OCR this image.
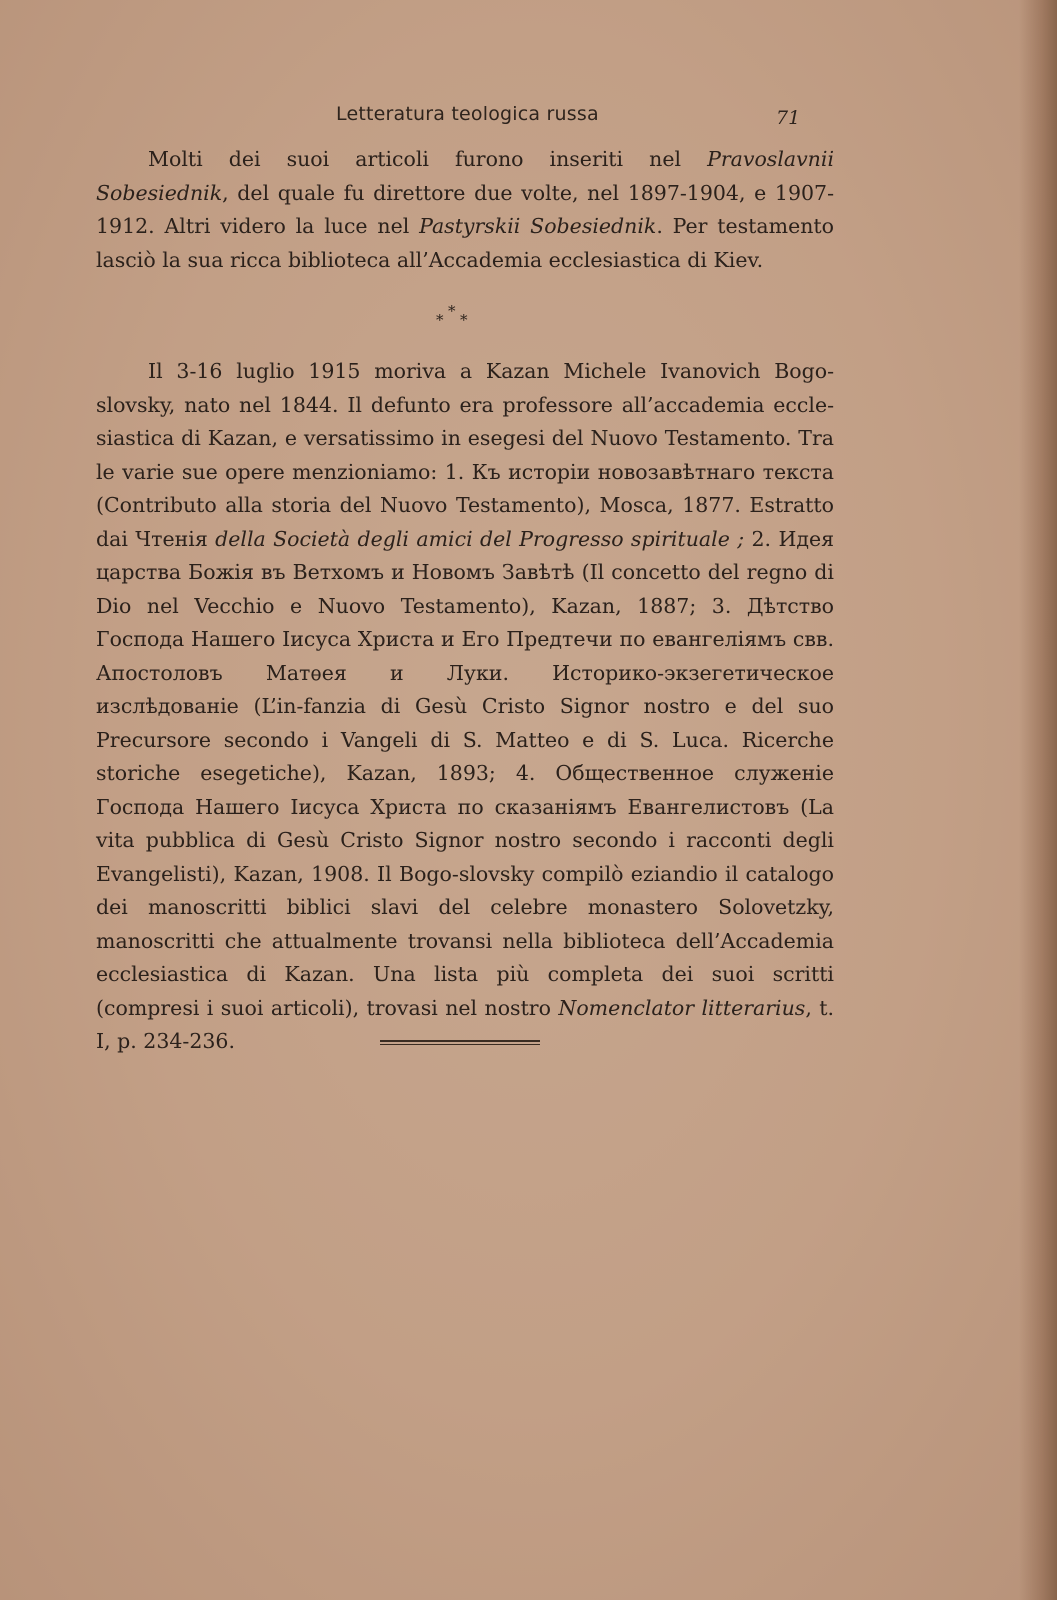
Letteratura teologica russa	71

Molti dei suoi articoli furono inseriti nel Pravoslavnii Sobesiednik, del quale fu direttore due volte, nel 1897-1904, e 1907-1912. Altri videro la luce nel Pastyrskii Sobesiednik. Per testamento lasciò la sua ricca biblioteca all’Accademia ecclesiastica di Kiev.

*
* *

Il 3-16 luglio 1915 moriva a Kazan Michele Ivanovich Bogo-slovsky, nato nel 1844. Il defunto era professore all’accademia eccle-siastica di Kazan, e versatissimo in esegesi del Nuovo Testamento. Tra le varie sue opere menzioniamo: 1. Къ исторіи новозавѣтнаго текста (Contributo alla storia del Nuovo Testamento), Mosca, 1877. Estratto dai Чтенія della Società degli amici del Progresso spirituale ; 2. Идея царства Божія въ Ветхомъ и Новомъ Завѣтѣ (Il concetto del regno di Dio nel Vecchio e Nuovo Testamento), Kazan, 1887; 3. Дѣтство Господа Нашего Іисуса Христа и Его Предтечи по евангеліямъ свв. Апостоловъ Матѳея и Луки. Историко-экзегетическое изслѣдованіе (L’in-fanzia di Gesù Cristo Signor nostro e del suo Precursore secondo i Vangeli di S. Matteo e di S. Luca. Ricerche storiche esegetiche), Kazan, 1893; 4. Общественное служеніе Господа Нашего Іисуса Христа по сказаніямъ Евангелистовъ (La vita pubblica di Gesù Cristo Signor nostro secondo i racconti degli Evangelisti), Kazan, 1908. Il Bogo-slovsky compilò eziandio il catalogo dei manoscritti biblici slavi del celebre monastero Solovetzky, manoscritti che attualmente trovansi nella biblioteca dell’Accademia ecclesiastica di Kazan. Una lista più completa dei suoi scritti (compresi i suoi articoli), trovasi nel nostro Nomenclator litterarius, t. I, p. 234-236.
